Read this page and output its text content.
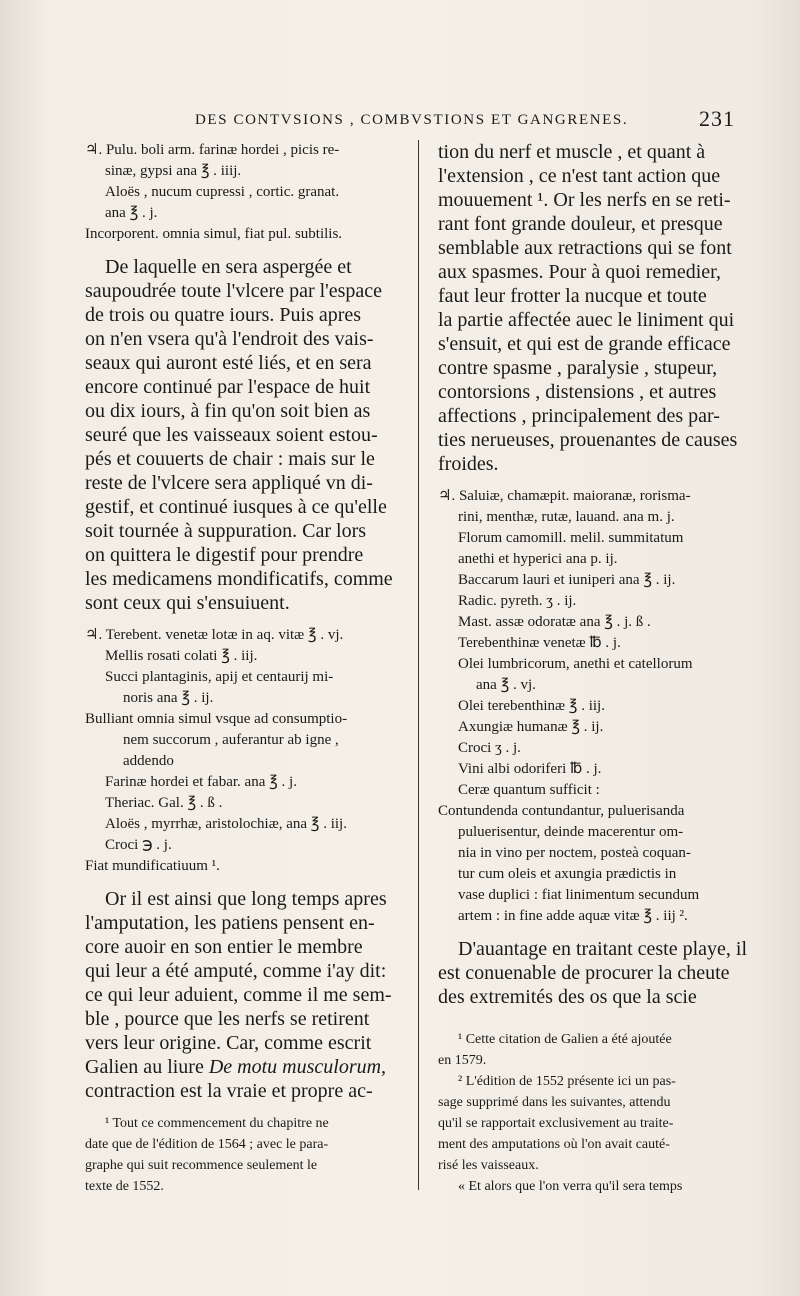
DES CONTVSIONS , COMBVSTIONS ET GANGRENES.	231
♃. Pulu. boli arm. farinæ hordei , picis re-
sinæ, gypsi ana ℥ . iiij.
Aloës , nucum cupressi , cortic. granat.
ana ℥ . j.
Incorporent. omnia simul, fiat pul. subtilis.
De laquelle en sera aspergée et
saupoudrée toute l'vlcere par l'espace
de trois ou quatre iours. Puis apres
on n'en vsera qu'à l'endroit des vais-
seaux qui auront esté liés, et en sera
encore continué par l'espace de huit
ou dix iours, à fin qu'on soit bien as
seuré que les vaisseaux soient estou-
pés et couuerts de chair : mais sur le
reste de l'vlcere sera appliqué vn di-
gestif, et continué iusques à ce qu'elle
soit tournée à suppuration. Car lors
on quittera le digestif pour prendre
les medicamens mondificatifs, comme
sont ceux qui s'ensuiuent.
♃. Terebent. venetæ lotæ in aq. vitæ ℥ . vj.
Mellis rosati colati ℥ . iij.
Succi plantaginis, apij et centaurij mi-
noris ana ℥ . ij.
Bulliant omnia simul vsque ad consumptio-
nem succorum , auferantur ab igne ,
addendo
Farinæ hordei et fabar. ana ℥ . j.
Theriac. Gal. ℥ . ß .
Aloës , myrrhæ, aristolochiæ, ana ℥ . iij.
Croci ℈ . j.
Fiat mundificatiuum ¹.
Or il est ainsi que long temps apres
l'amputation, les patiens pensent en-
core auoir en son entier le membre
qui leur a été amputé, comme i'ay dit:
ce qui leur aduient, comme il me sem-
ble , pource que les nerfs se retirent
vers leur origine. Car, comme escrit
Galien au liure De motu musculorum,
contraction est la vraie et propre ac-
¹ Tout ce commencement du chapitre ne
date que de l'édition de 1564 ; avec le para-
graphe qui suit recommence seulement le
texte de 1552.
tion du nerf et muscle , et quant à
l'extension , ce n'est tant action que
mouuement ¹. Or les nerfs en se reti-
rant font grande douleur, et presque
semblable aux retractions qui se font
aux spasmes. Pour à quoi remedier,
faut leur frotter la nucque et toute
la partie affectée auec le liniment qui
s'ensuit, et qui est de grande efficace
contre spasme , paralysie , stupeur,
contorsions , distensions , et autres
affections , principalement des par-
ties nerueuses, prouenantes de causes
froides.
♃. Saluiæ, chamæpit. maioranæ, rorisma-
rini, menthæ, rutæ, lauand. ana m. j.
Florum camomill. melil. summitatum
anethi et hyperici ana p. ij.
Baccarum lauri et iuniperi ana ℥ . ij.
Radic. pyreth. ʒ . ij.
Mast. assæ odoratæ ana ℥ . j. ß .
Terebenthinæ venetæ ℔ . j.
Olei lumbricorum, anethi et catellorum
ana ℥ . vj.
Olei terebenthinæ ℥ . iij.
Axungiæ humanæ ℥ . ij.
Croci ʒ . j.
Vini albi odoriferi ℔ . j.
Ceræ quantum sufficit :
Contundenda contundantur, puluerisanda
puluerisentur, deinde macerentur om-
nia in vino per noctem, posteà coquan-
tur cum oleis et axungia prædictis in
vase duplici : fiat linimentum secundum
artem : in fine adde aquæ vitæ ℥ . iij ².
D'auantage en traitant ceste playe, il
est conuenable de procurer la cheute
des extremités des os que la scie
¹ Cette citation de Galien a été ajoutée
en 1579.
² L'édition de 1552 présente ici un pas-
sage supprimé dans les suivantes, attendu
qu'il se rapportait exclusivement au traite-
ment des amputations où l'on avait cauté-
risé les vaisseaux.
« Et alors que l'on verra qu'il sera temps
